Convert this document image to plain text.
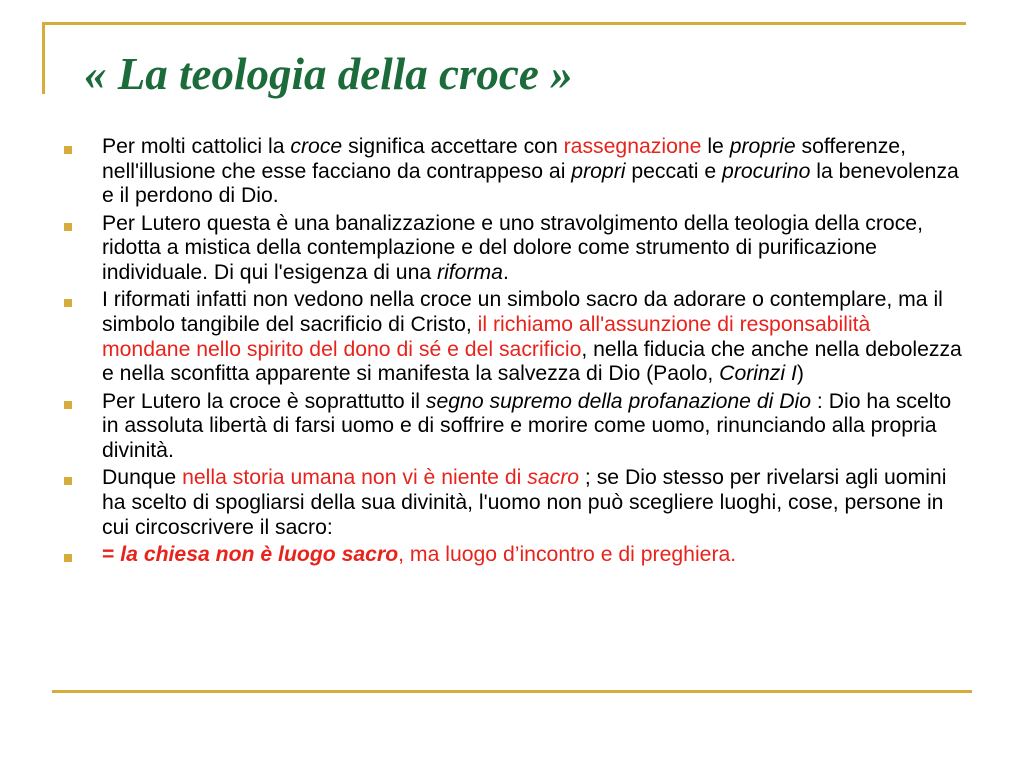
« La teologia della croce »
Per molti cattolici la croce significa accettare con rassegnazione le proprie sofferenze, nell'illusione che esse facciano da contrappeso ai propri peccati e procurino la benevolenza e il perdono di Dio.
Per Lutero questa è una banalizzazione e uno stravolgimento della teologia della croce, ridotta a mistica della contemplazione e del dolore come strumento di purificazione individuale. Di qui l'esigenza di una riforma.
I riformati infatti non vedono nella croce un simbolo sacro da adorare o contemplare, ma il simbolo tangibile del sacrificio di Cristo, il richiamo all'assunzione di responsabilità mondane nello spirito del dono di sé e del sacrificio, nella fiducia che anche nella debolezza e nella sconfitta apparente si manifesta la salvezza di Dio (Paolo, Corinzi I)
Per Lutero la croce è soprattutto il segno supremo della profanazione di Dio : Dio ha scelto in assoluta libertà di farsi uomo e di soffrire e morire come uomo, rinunciando alla propria divinità.
Dunque nella storia umana non vi è niente di sacro ; se Dio stesso per rivelarsi agli uomini ha scelto di spogliarsi della sua divinità, l'uomo non può scegliere luoghi, cose, persone in cui circoscrivere il sacro:
= la chiesa non è luogo sacro, ma luogo d’incontro e di preghiera.
